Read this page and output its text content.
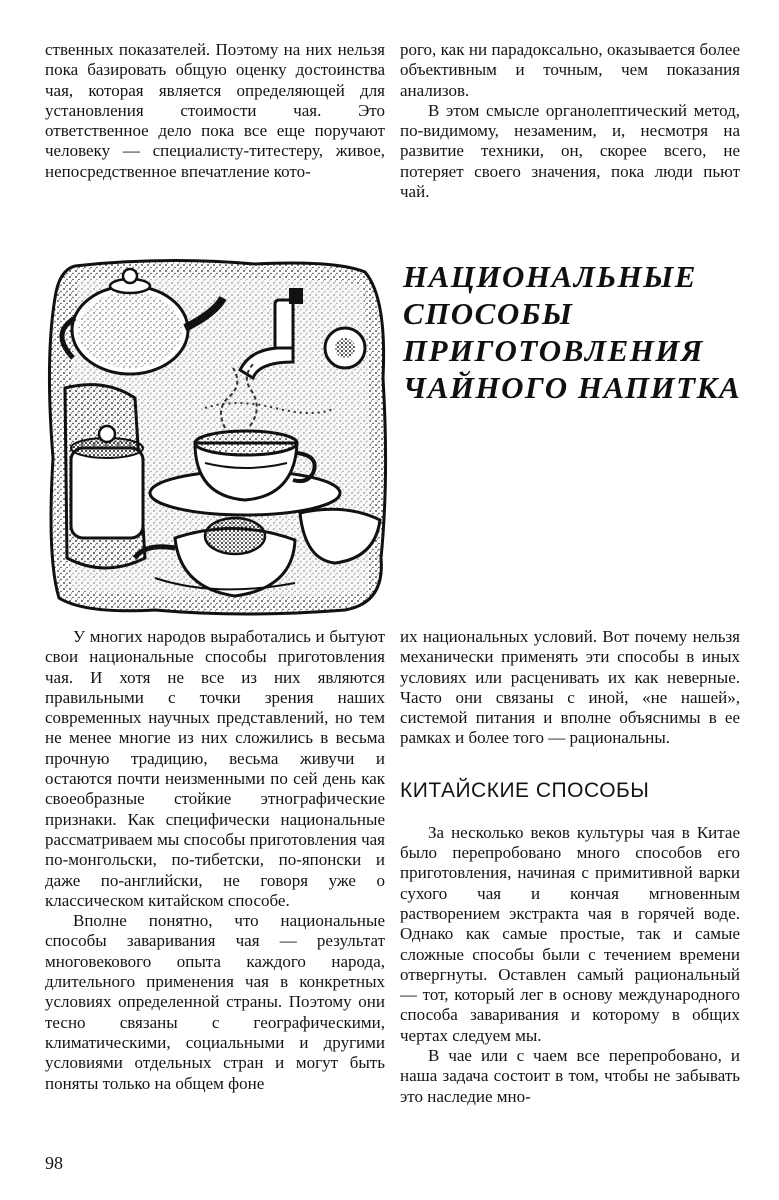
ственных показателей. Поэтому на них нельзя пока базировать общую оценку достоинства чая, которая является определяющей для установления стоимости чая. Это ответственное дело пока все еще поручают человеку — специалисту-титестеру, живое, непосредственное впечатление кото-

рого, как ни парадоксально, оказывается более объективным и точным, чем показания анализов.

В этом смысле органолептический метод, по-видимому, незаменим, и, несмотря на развитие техники, он, скорее всего, не потеряет своего значения, пока люди пьют чай.

НАЦИОНАЛЬНЫЕ
СПОСОБЫ
ПРИГОТОВЛЕНИЯ
ЧАЙНОГО НАПИТКА

У многих народов выработались и бытуют свои национальные способы приготовления чая. И хотя не все из них являются правильными с точки зрения наших современных научных представлений, но тем не менее многие из них сложились в весьма прочную традицию, весьма живучи и остаются почти неизменными по сей день как своеобразные стойкие этнографические признаки. Как специфически национальные рассматриваем мы способы приготовления чая по-монгольски, по-тибетски, по-японски и даже по-английски, не говоря уже о классическом китайском способе.

Вполне понятно, что национальные способы заваривания чая — результат многовекового опыта каждого народа, длительного применения чая в конкретных условиях определенной страны. Поэтому они тесно связаны с географическими, климатическими, социальными и другими условиями отдельных стран и могут быть поняты только на общем фоне

их национальных условий. Вот почему нельзя механически применять эти способы в иных условиях или расценивать их как неверные. Часто они связаны с иной, «не нашей», системой питания и вполне объяснимы в ее рамках и более того — рациональны.

КИТАЙСКИЕ СПОСОБЫ

За несколько веков культуры чая в Китае было перепробовано много способов его приготовления, начиная с примитивной варки сухого чая и кончая мгновенным растворением экстракта чая в горячей воде. Однако как самые простые, так и самые сложные способы были с течением времени отвергнуты. Оставлен самый рациональный — тот, который лег в основу международного способа заваривания и которому в общих чертах следуем мы.

В чае или с чаем все перепробовано, и наша задача состоит в том, чтобы не забывать это наследие мно-

98
